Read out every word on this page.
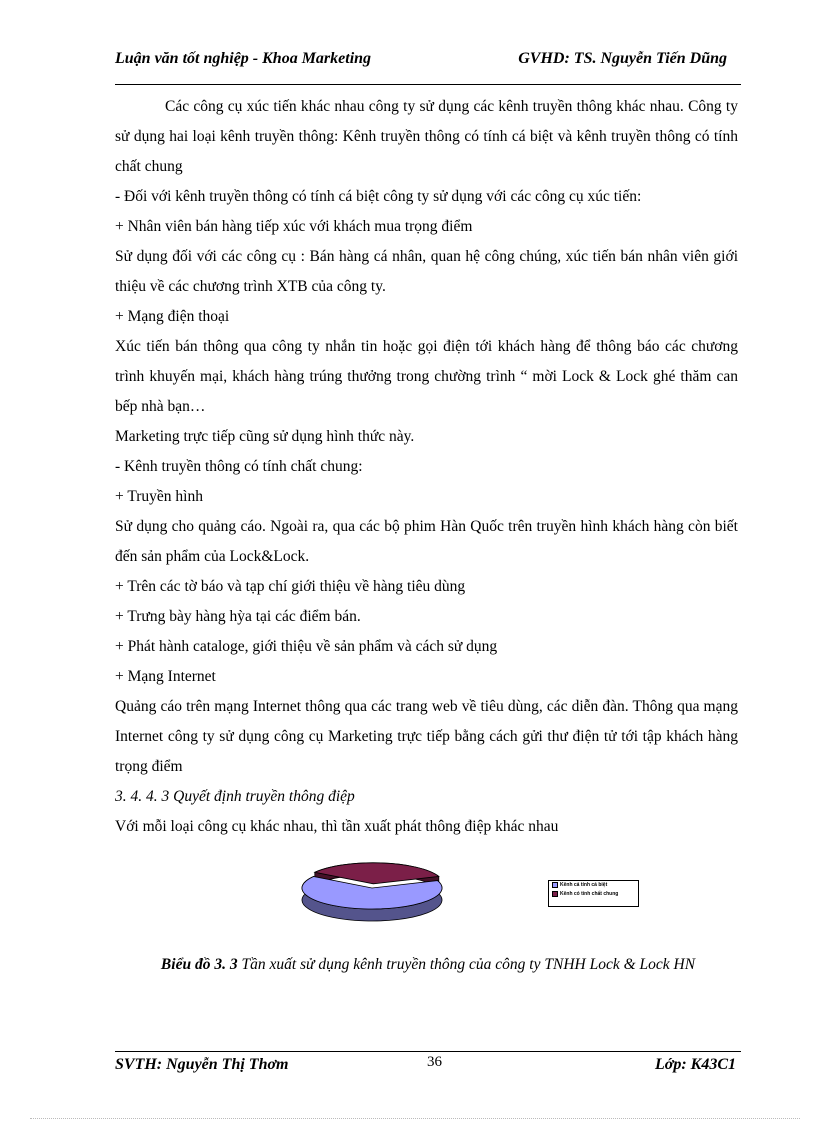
Luận văn tốt nghiệp - Khoa Marketing	GVHD: TS. Nguyễn Tiến Dũng

Các công cụ xúc tiến khác nhau công ty sử dụng các kênh truyền thông khác nhau. Công ty sử dụng hai loại kênh truyền thông: Kênh truyền thông có tính cá biệt và kênh truyền thông có tính chất chung

- Đối với kênh truyền thông có tính cá biệt công ty sử dụng với các công cụ xúc tiến:

+ Nhân viên bán hàng tiếp xúc với khách mua trọng điểm

Sử dụng đối với các công cụ : Bán hàng cá nhân, quan hệ công chúng, xúc tiến bán nhân viên giới thiệu về các chương trình XTB của công ty.

+ Mạng điện thoại

Xúc tiến bán thông qua công ty nhắn tin hoặc gọi điện tới khách hàng để thông báo các chương trình khuyến mại, khách hàng trúng thưởng trong chường trình “ mời Lock & Lock ghé thăm can bếp nhà bạn…

Marketing trực tiếp cũng sử dụng hình thức này.

- Kênh truyền thông có tính chất chung:

+ Truyền hình

Sử dụng cho quảng cáo. Ngoài ra, qua các bộ phim Hàn Quốc trên truyền hình khách hàng còn biết đến sản phẩm của Lock&Lock.

+ Trên các tờ báo và tạp chí giới thiệu về hàng tiêu dùng

+ Trưng bày hàng hỳa tại các điểm bán.

+ Phát hành cataloge, giới thiệu về sản phẩm và cách sử dụng

+ Mạng Internet

Quảng cáo trên mạng Internet thông qua các trang web về tiêu dùng, các diễn đàn. Thông qua mạng Internet công ty sử dụng công cụ Marketing trực tiếp bằng cách gửi thư điện tử tới tập khách hàng trọng điểm

3. 4. 4. 3 Quyết định truyền thông điệp

Với mỗi loại công cụ khác nhau, thì tần xuất phát thông điệp khác nhau

Kênh cá tính cá biệt
Kênh có tính chất chung
Biểu đồ 3. 3 Tần xuất sử dụng kênh truyền thông của công ty TNHH Lock & Lock HN
SVTH: Nguyễn Thị Thơm	36	Lớp: K43C1
